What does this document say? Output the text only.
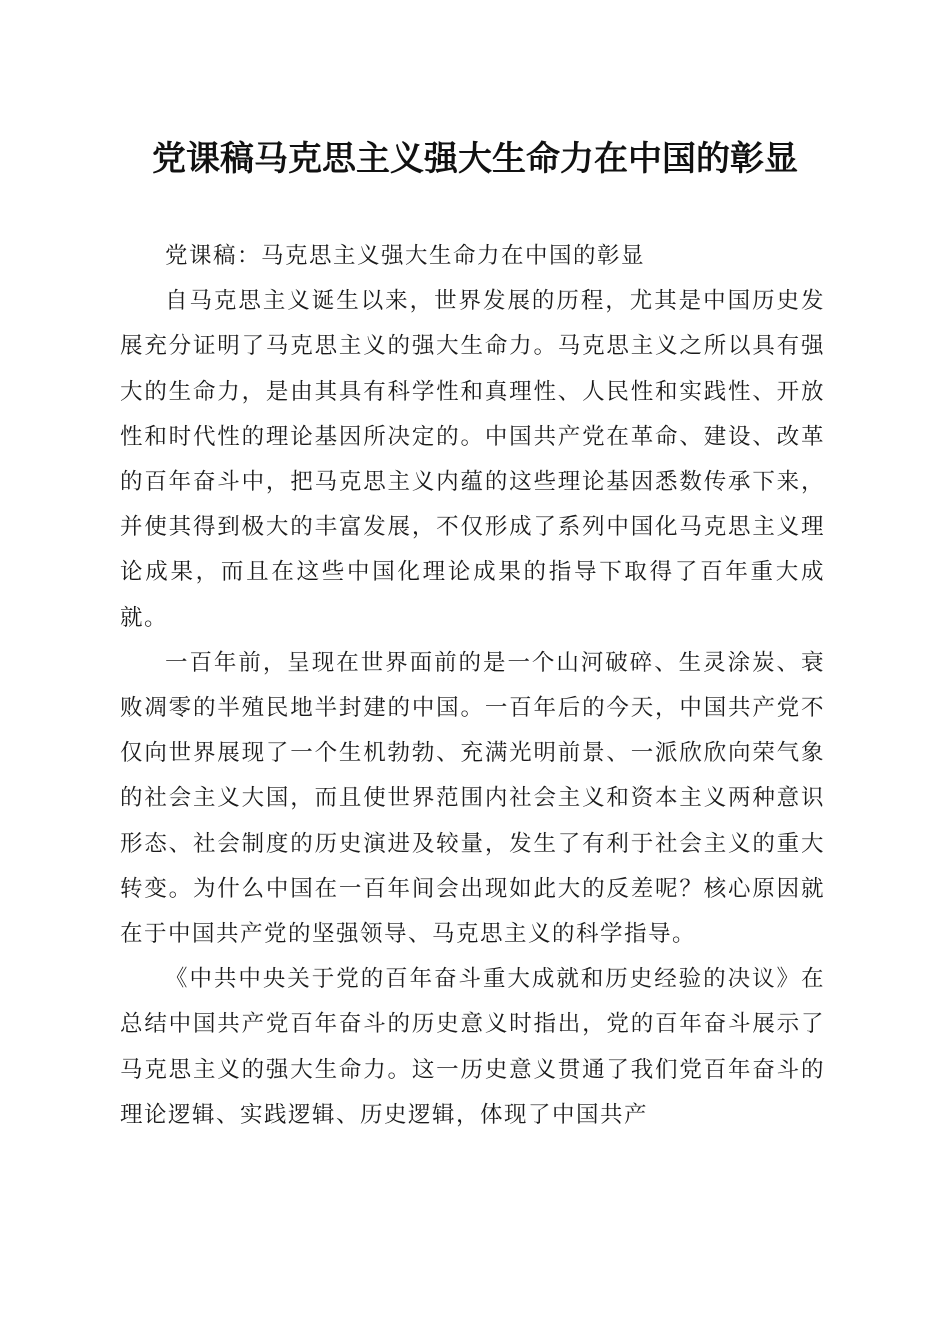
党课稿马克思主义强大生命力在中国的彰显

党课稿：马克思主义强大生命力在中国的彰显

自马克思主义诞生以来，世界发展的历程，尤其是中国历史发展充分证明了马克思主义的强大生命力。马克思主义之所以具有强大的生命力，是由其具有科学性和真理性、人民性和实践性、开放性和时代性的理论基因所决定的。中国共产党在革命、建设、改革的百年奋斗中，把马克思主义内蕴的这些理论基因悉数传承下来，并使其得到极大的丰富发展，不仅形成了系列中国化马克思主义理论成果，而且在这些中国化理论成果的指导下取得了百年重大成就。

一百年前，呈现在世界面前的是一个山河破碎、生灵涂炭、衰败凋零的半殖民地半封建的中国。一百年后的今天，中国共产党不仅向世界展现了一个生机勃勃、充满光明前景、一派欣欣向荣气象的社会主义大国，而且使世界范围内社会主义和资本主义两种意识形态、社会制度的历史演进及较量，发生了有利于社会主义的重大转变。为什么中国在一百年间会出现如此大的反差呢？核心原因就在于中国共产党的坚强领导、马克思主义的科学指导。

《中共中央关于党的百年奋斗重大成就和历史经验的决议》在总结中国共产党百年奋斗的历史意义时指出，党的百年奋斗展示了马克思主义的强大生命力。这一历史意义贯通了我们党百年奋斗的理论逻辑、实践逻辑、历史逻辑，体现了中国共产
